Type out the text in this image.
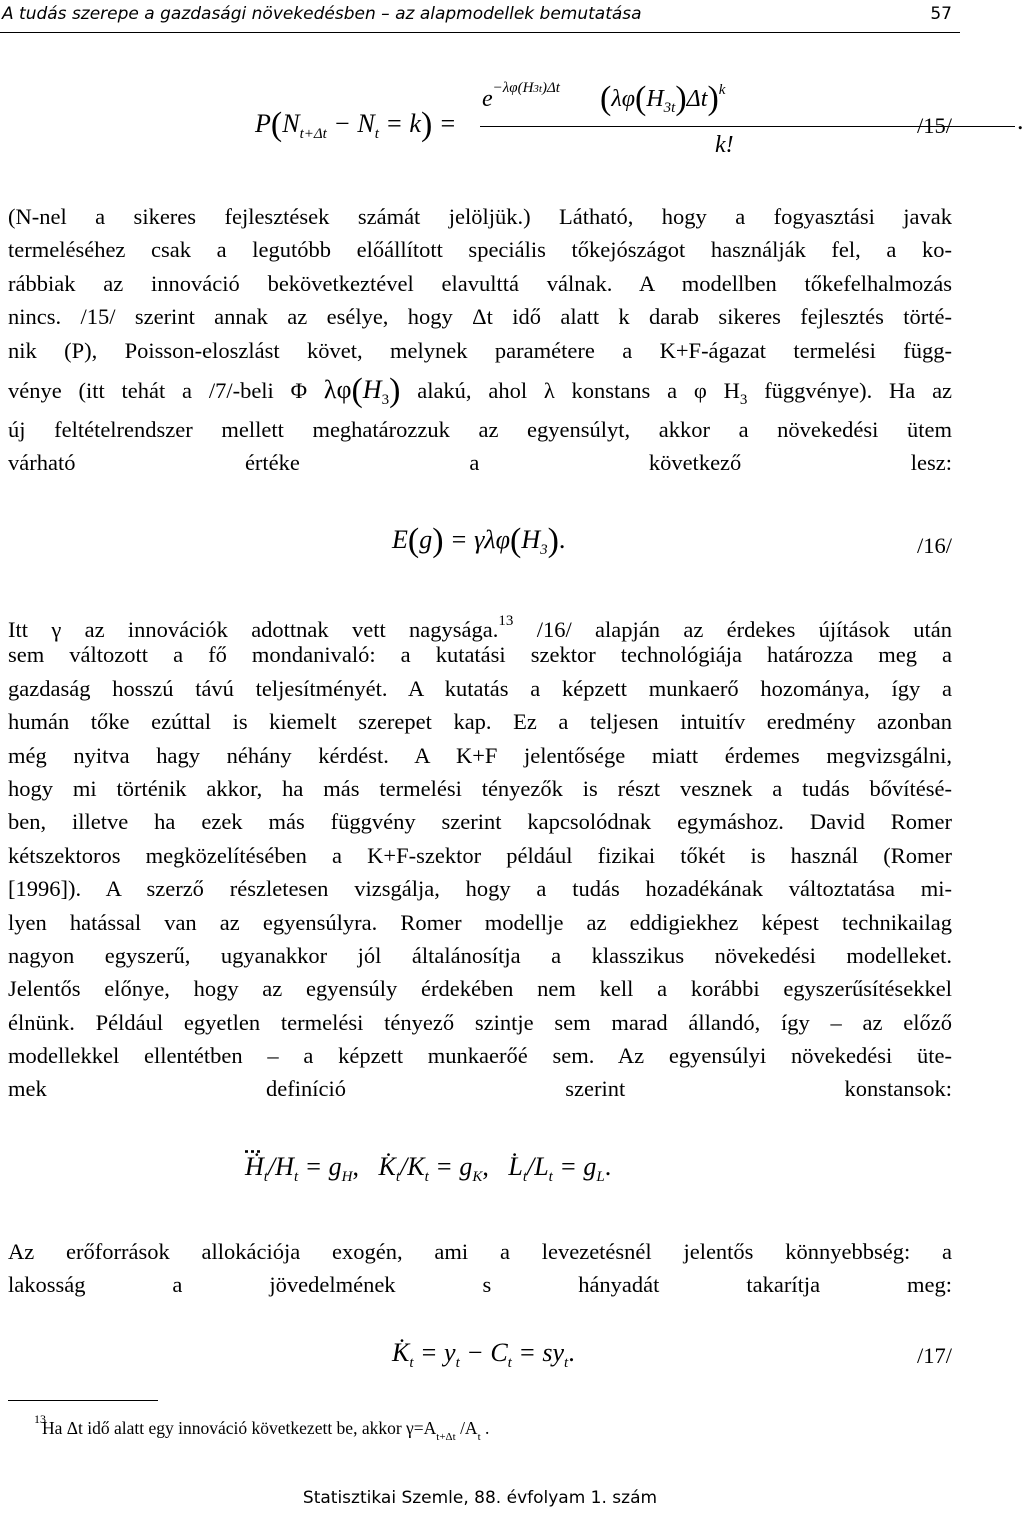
A tudás szerepe a gazdasági növekedésben – az alapmodellek bemutatása	57
$P(N_{t+\Delta t} - N_t = k)$ =
$e^{-\lambda\varphi(H3t)\Delta t}$ $(\lambda\varphi(H_{3t})\Delta t)^k$
k!
.
/15/
(N-nel a sikeres fejlesztések számát jelöljük.) Látható, hogy a fogyasztási javak
termeléséhez csak a legutóbb előállított speciális tőkejószágot használják fel, a ko-
rábbiak az innováció bekövetkeztével elavulttá válnak. A modellben tőkefelhalmozás
nincs. /15/ szerint annak az esélye, hogy Δt idő alatt k darab sikeres fejlesztés törté-
nik (P), Poisson-eloszlást követ, melynek paramétere a K+F-ágazat termelési függ-
vénye (itt tehát a /7/-beli Φ $\lambda\varphi(H_3)$ alakú, ahol λ konstans a φ $H_3$ függvénye). Ha az
új feltételrendszer mellett meghatározzuk az egyensúlyt, akkor a növekedési ütem
várható értéke a következő lesz:
$E(g) = \gamma\lambda\varphi(H_3)$.	/16/
Itt γ az innovációk adottnak vett nagysága.$^{13}$ /16/ alapján az érdekes újítások után
sem változott a fő mondanivaló: a kutatási szektor technológiája határozza meg a
gazdaság hosszú távú teljesítményét. A kutatás a képzett munkaerő hozománya, így a
humán tőke ezúttal is kiemelt szerepet kap. Ez a teljesen intuitív eredmény azonban
még nyitva hagy néhány kérdést. A K+F jelentősége miatt érdemes megvizsgálni,
hogy mi történik akkor, ha más termelési tényezők is részt vesznek a tudás bővítésé-
ben, illetve ha ezek más függvény szerint kapcsolódnak egymáshoz. David Romer
kétszektoros megközelítésében a K+F-szektor például fizikai tőkét is használ (Romer
[1996]). A szerző részletesen vizsgálja, hogy a tudás hozadékának változtatása mi-
lyen hatással van az egyensúlyra. Romer modellje az eddigiekhez képest technikailag
nagyon egyszerű, ugyanakkor jól általánosítja a klasszikus növekedési modelleket.
Jelentős előnye, hogy az egyensúly érdekében nem kell a korábbi egyszerűsítésekkel
élnünk. Például egyetlen termelési tényező szintje sem marad állandó, így – az előző
modellekkel ellentétben – a képzett munkaerőé sem. Az egyensúlyi növekedési üte-
mek definíció szerint konstansok:
$Ḣ_t/H_t = g_H$,   $K̇_t/K_t = g_K$,   $L̇_t/L_t = g_L$.
Az erőforrások allokációja exogén, ami a levezetésnél jelentős könnyebbség: a
lakosság a jövedelmének s hányadát takarítja meg:
$K̇_t = y_t - C_t = sy_t$.	/17/
13
Ha Δt idő alatt egy innováció következett be, akkor $\gamma=A_{t+\Delta t}$ $/A_t$ .
Statisztikai Szemle, 88. évfolyam 1. szám
